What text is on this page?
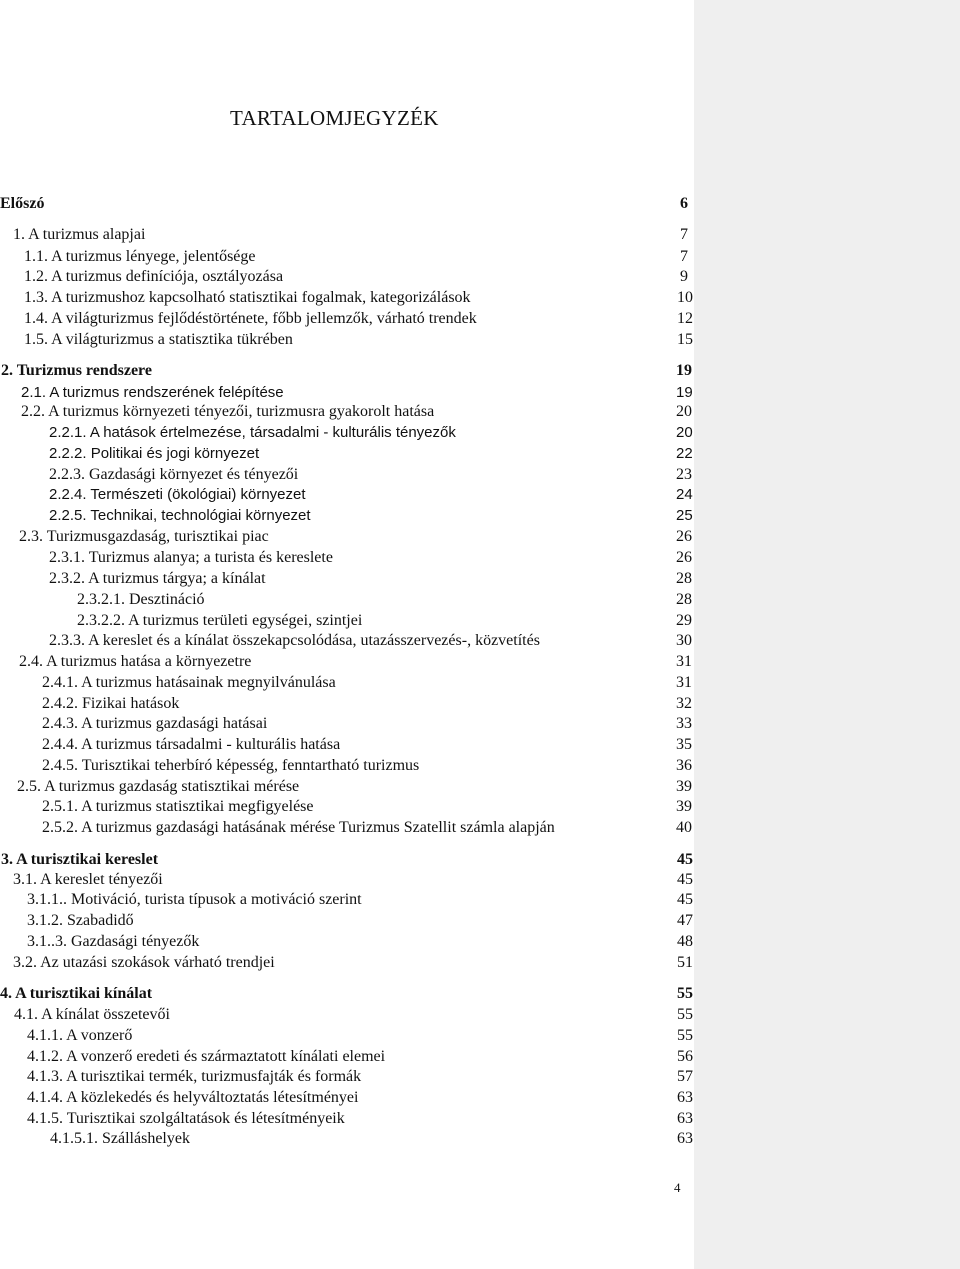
TARTALOMJEGYZÉK
Előszó	6
1. A turizmus alapjai	7
1.1. A turizmus lényege, jelentősége	7
1.2. A turizmus definíciója, osztályozása	9
1.3. A turizmushoz kapcsolható statisztikai fogalmak, kategorizálások	10
1.4. A világturizmus fejlődéstörténete, főbb jellemzők, várható trendek	12
1.5. A világturizmus a statisztika tükrében	15
2. Turizmus rendszere	19
2.1. A turizmus rendszerének felépítése	19
2.2. A turizmus környezeti tényezői, turizmusra gyakorolt hatása	20
2.2.1. A hatások értelmezése, társadalmi - kulturális tényezők	20
2.2.2. Politikai és jogi környezet	22
2.2.3. Gazdasági környezet és tényezői	23
2.2.4. Természeti (ökológiai) környezet	24
2.2.5. Technikai, technológiai környezet	25
2.3. Turizmusgazdaság, turisztikai piac	26
2.3.1. Turizmus alanya; a turista és kereslete	26
2.3.2. A turizmus tárgya; a kínálat	28
2.3.2.1. Desztináció	28
2.3.2.2. A turizmus területi egységei, szintjei	29
2.3.3. A kereslet és a kínálat összekapcsolódása, utazásszervezés-, közvetítés	30
2.4. A turizmus hatása a környezetre	31
2.4.1. A turizmus hatásainak megnyilvánulása	31
2.4.2. Fizikai hatások	32
2.4.3. A turizmus gazdasági hatásai	33
2.4.4. A turizmus társadalmi - kulturális hatása	35
2.4.5. Turisztikai teherbíró képesség, fenntartható turizmus	36
2.5. A turizmus gazdaság statisztikai mérése	39
2.5.1. A turizmus statisztikai megfigyelése	39
2.5.2. A turizmus gazdasági hatásának mérése Turizmus Szatellit számla alapján	40
3. A turisztikai kereslet	45
3.1. A kereslet tényezői	45
3.1.1.. Motiváció, turista típusok a motiváció szerint	45
3.1.2. Szabadidő	47
3.1..3. Gazdasági tényezők	48
3.2. Az utazási szokások várható trendjei	51
4. A turisztikai kínálat	55
4.1. A kínálat összetevői	55
4.1.1. A vonzerő	55
4.1.2. A vonzerő eredeti és származtatott kínálati elemei	56
4.1.3. A turisztikai termék, turizmusfajták és formák	57
4.1.4. A közlekedés és helyváltoztatás létesítményei	63
4.1.5. Turisztikai szolgáltatások és létesítményeik	63
4.1.5.1. Szálláshelyek	63
4
